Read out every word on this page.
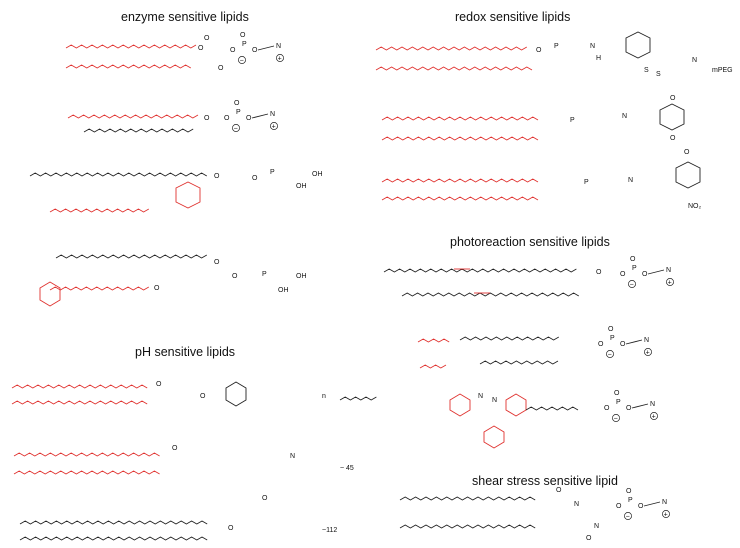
enzyme sensitive lipids	redox sensitive lipids
photoreaction sensitive lipids
pH sensitive lipids
shear stress sensitive lipid
O
O
O
O
P
O
O
N
−	+
O O
P
O
O
N
−	+
O	O
P	OH
OH
O
O
O	P	OH
OH
O
P	N
H
S
S
N
mPEG
P
N
O
O
P	N
O
NO₂
O	O
P
O
O
N
−	+
O
P
O
O
N
−	+
N
N
O
P
O
O
N
−	+
O
O	n
O
N
~ 45
O
O
~112
O
N
N
O
O
P
O
O
N
−	+
